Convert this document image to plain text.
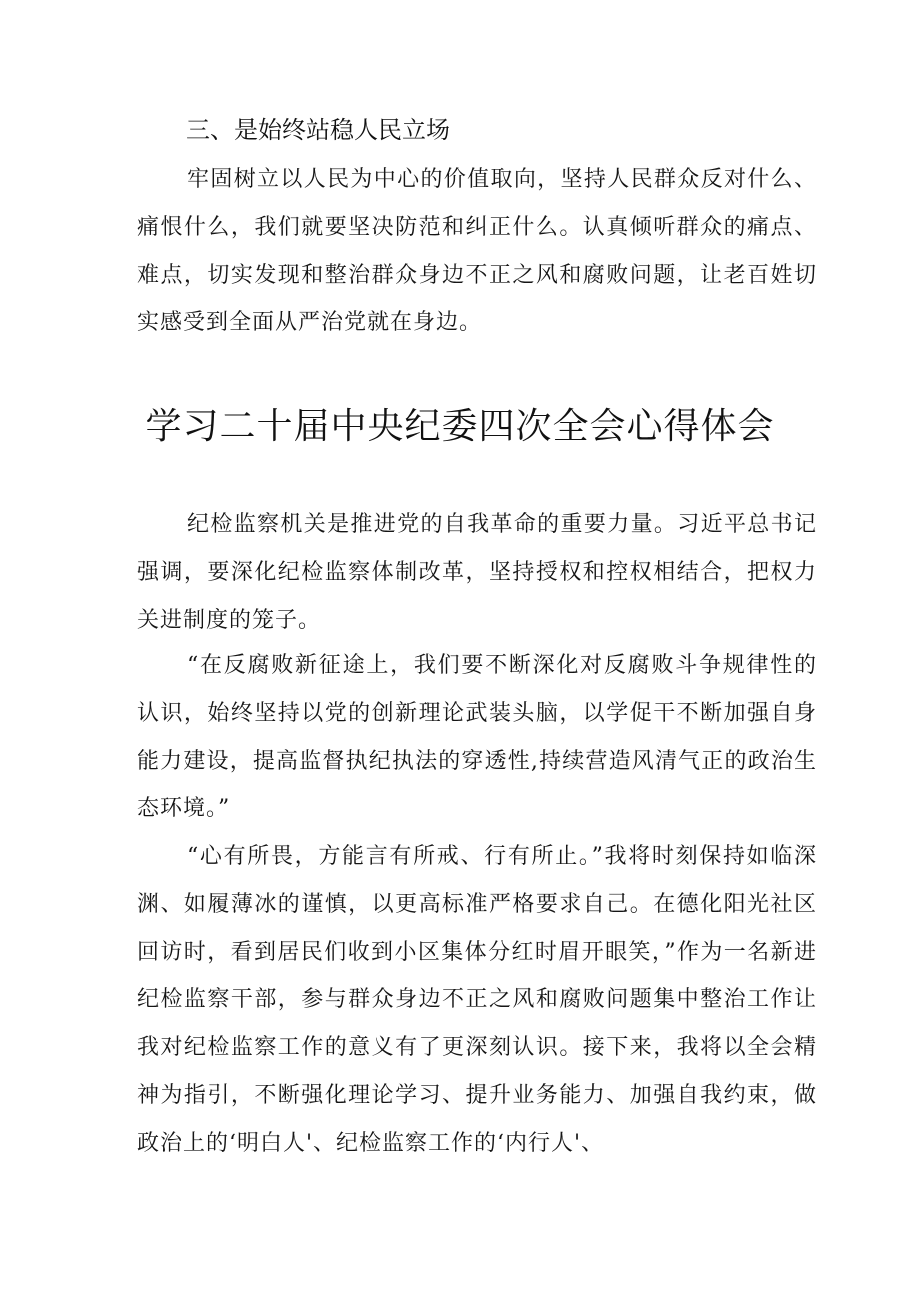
三、是始终站稳人民立场

牢固树立以人民为中心的价值取向，坚持人民群众反对什么、痛恨什么，我们就要坚决防范和纠正什么。认真倾听群众的痛点、难点，切实发现和整治群众身边不正之风和腐败问题，让老百姓切实感受到全面从严治党就在身边。

学习二十届中央纪委四次全会心得体会

纪检监察机关是推进党的自我革命的重要力量。习近平总书记强调，要深化纪检监察体制改革，坚持授权和控权相结合，把权力关进制度的笼子。

“在反腐败新征途上，我们要不断深化对反腐败斗争规律性的认识，始终坚持以党的创新理论武装头脑，以学促干不断加强自身能力建设，提高监督执纪执法的穿透性,持续营造风清气正的政治生态环境。”

“心有所畏，方能言有所戒、行有所止。”我将时刻保持如临深渊、如履薄冰的谨慎，以更高标准严格要求自己。在德化阳光社区回访时，看到居民们收到小区集体分红时眉开眼笑，”作为一名新进纪检监察干部，参与群众身边不正之风和腐败问题集中整治工作让我对纪检监察工作的意义有了更深刻认识。接下来，我将以全会精神为指引，不断强化理论学习、提升业务能力、加强自我约束，做政治上的‘明白人'、纪检监察工作的‘内行人'、
